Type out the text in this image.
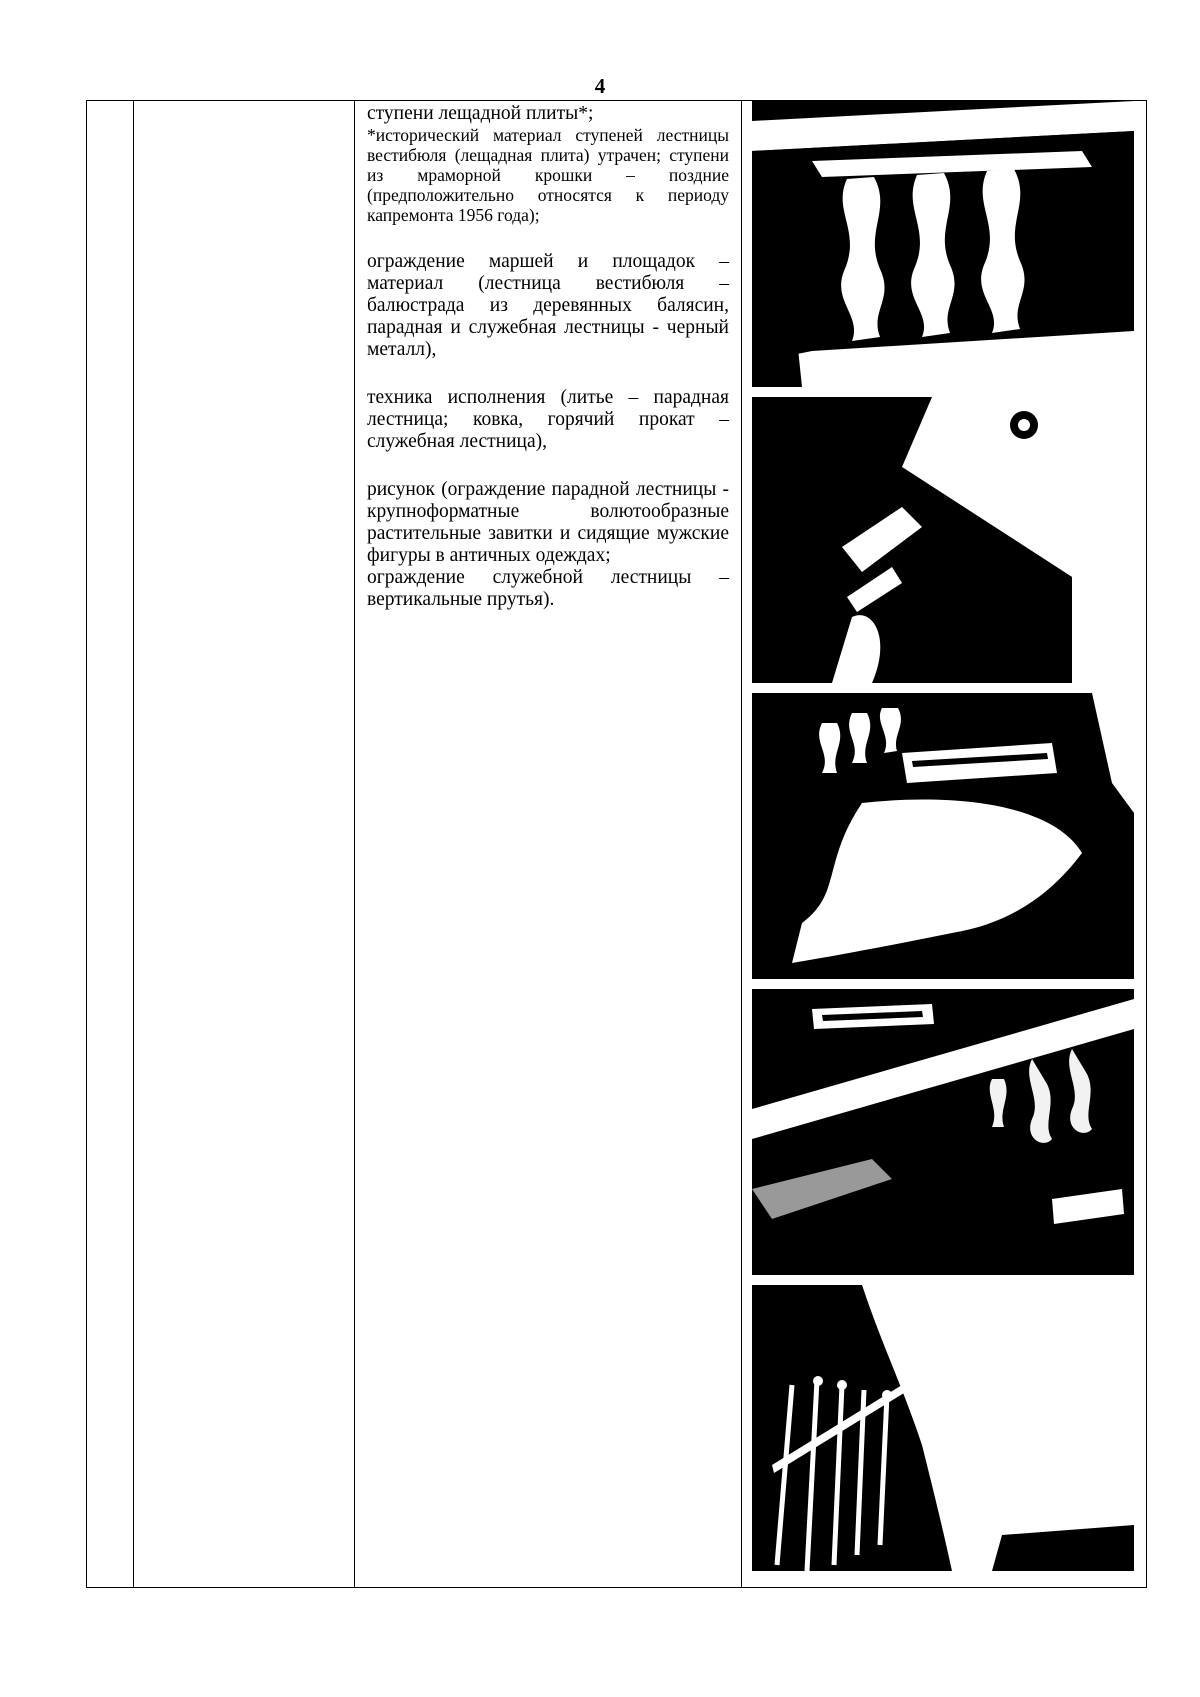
4

ступени лещадной плиты*;

*исторический материал ступеней лестницы вестибюля (лещадная плита) утрачен; ступени из мраморной крошки – поздние (предположительно относятся к периоду капремонта 1956 года);

ограждение маршей и площадок – материал (лестница вестибюля – балюстрада из деревянных балясин, парадная и служебная лестницы - черный металл),

техника исполнения (литье – парадная лестница; ковка, горячий прокат – служебная лестница),

рисунок (ограждение парадной лестницы - крупноформатные волютообразные растительные завитки и сидящие мужские фигуры в античных одеждах;

ограждение служебной лестницы – вертикальные прутья).
